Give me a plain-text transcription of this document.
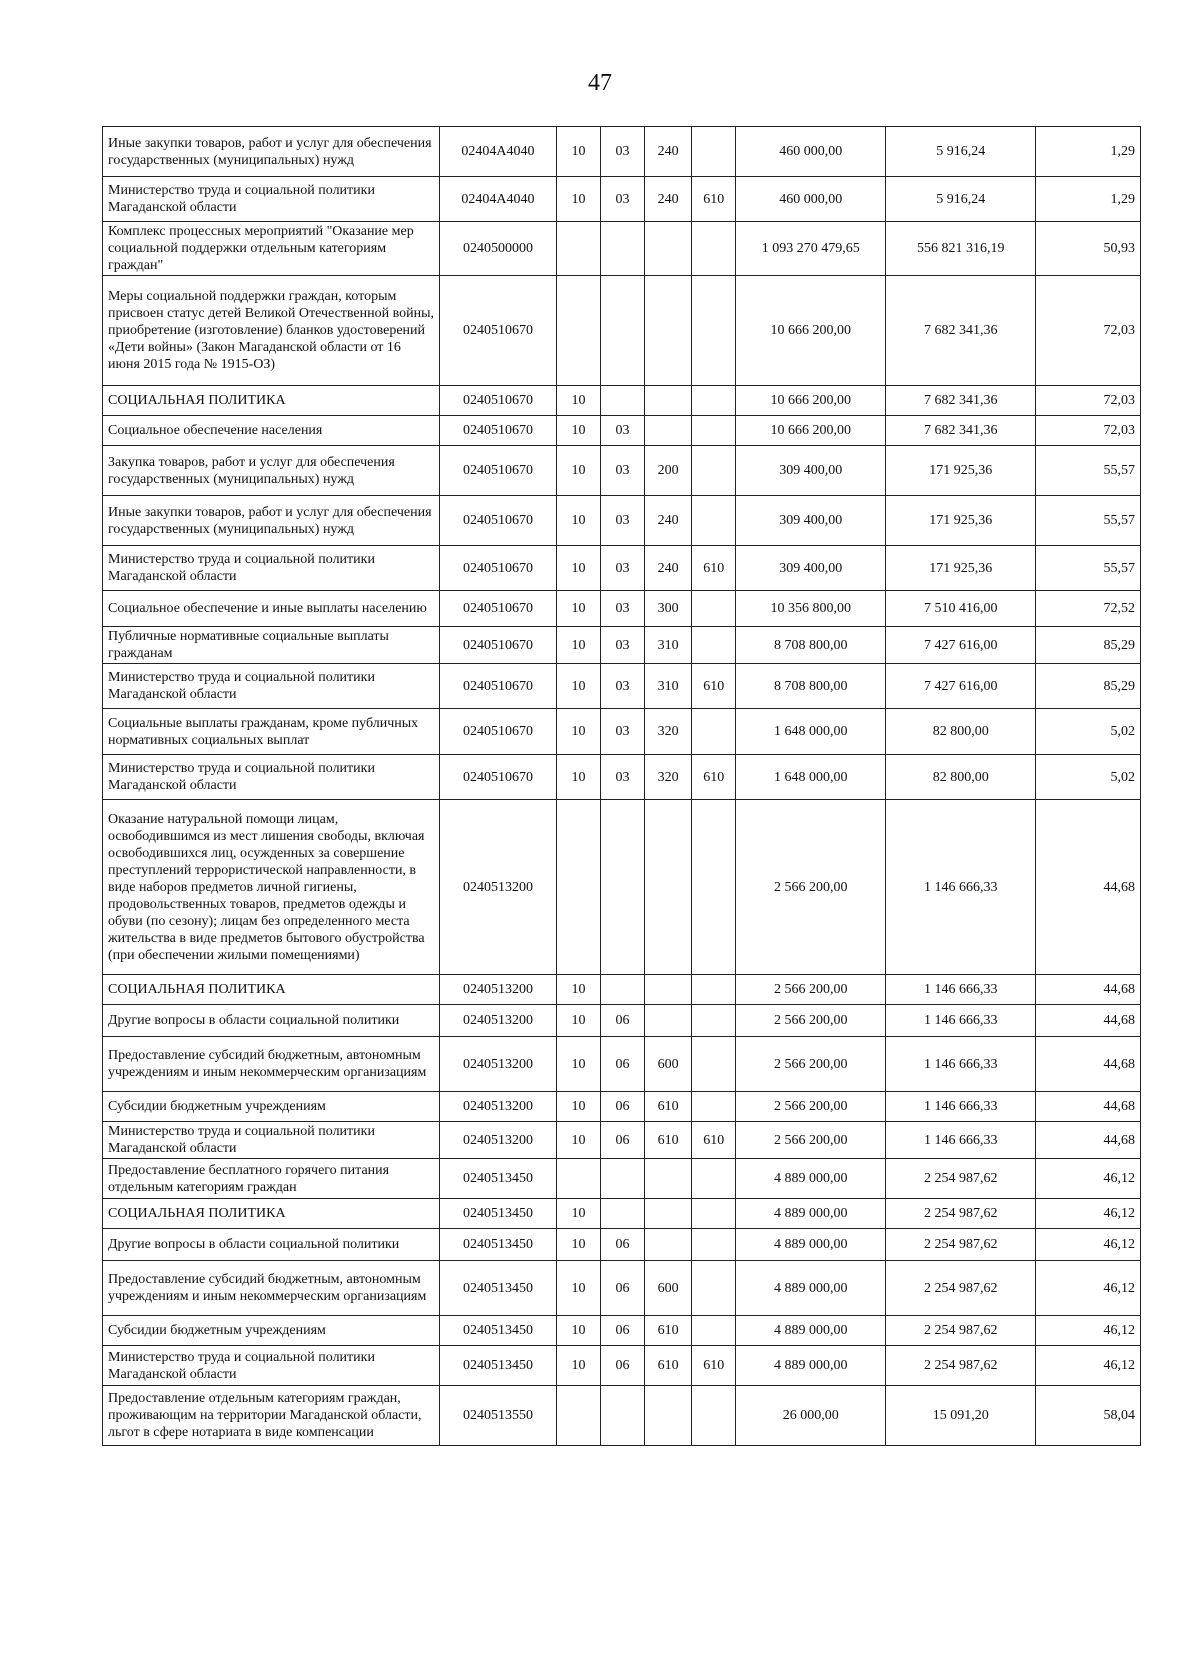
47
Иные закупки товаров, работ и услуг для обеспечения государственных (муниципальных) нужд	02404А4040	10	03	240		460 000,00	5 916,24	1,29
Министерство труда и социальной политики Магаданской области	02404А4040	10	03	240	610	460 000,00	5 916,24	1,29
Комплекс процессных мероприятий "Оказание мер социальной поддержки отдельным категориям граждан"	0240500000					1 093 270 479,65	556 821 316,19	50,93
Меры социальной поддержки граждан, которым присвоен статус детей Великой Отечественной войны, приобретение (изготовление) бланков удостоверений «Дети войны» (Закон Магаданской области от 16 июня 2015 года № 1915-ОЗ)	0240510670					10 666 200,00	7 682 341,36	72,03
СОЦИАЛЬНАЯ ПОЛИТИКА	0240510670	10				10 666 200,00	7 682 341,36	72,03
Социальное обеспечение населения	0240510670	10	03			10 666 200,00	7 682 341,36	72,03
Закупка товаров, работ и услуг для обеспечения государственных (муниципальных) нужд	0240510670	10	03	200		309 400,00	171 925,36	55,57
Иные закупки товаров, работ и услуг для обеспечения государственных (муниципальных) нужд	0240510670	10	03	240		309 400,00	171 925,36	55,57
Министерство труда и социальной политики Магаданской области	0240510670	10	03	240	610	309 400,00	171 925,36	55,57
Социальное обеспечение и иные выплаты населению	0240510670	10	03	300		10 356 800,00	7 510 416,00	72,52
Публичные нормативные социальные выплаты гражданам	0240510670	10	03	310		8 708 800,00	7 427 616,00	85,29
Министерство труда и социальной политики Магаданской области	0240510670	10	03	310	610	8 708 800,00	7 427 616,00	85,29
Социальные выплаты гражданам, кроме публичных нормативных социальных выплат	0240510670	10	03	320		1 648 000,00	82 800,00	5,02
Министерство труда и социальной политики Магаданской области	0240510670	10	03	320	610	1 648 000,00	82 800,00	5,02
Оказание натуральной помощи лицам, освободившимся из мест лишения свободы, включая освободившихся лиц, осужденных за совершение преступлений террористической направленности, в виде наборов предметов личной гигиены, продовольственных товаров, предметов одежды и обуви (по сезону); лицам без определенного места жительства в виде предметов бытового обустройства (при обеспечении жилыми помещениями)	0240513200					2 566 200,00	1 146 666,33	44,68
СОЦИАЛЬНАЯ ПОЛИТИКА	0240513200	10				2 566 200,00	1 146 666,33	44,68
Другие вопросы в области социальной политики	0240513200	10	06			2 566 200,00	1 146 666,33	44,68
Предоставление субсидий бюджетным, автономным учреждениям и иным некоммерческим организациям	0240513200	10	06	600		2 566 200,00	1 146 666,33	44,68
Субсидии бюджетным учреждениям	0240513200	10	06	610		2 566 200,00	1 146 666,33	44,68
Министерство труда и социальной политики Магаданской области	0240513200	10	06	610	610	2 566 200,00	1 146 666,33	44,68
Предоставление бесплатного горячего питания отдельным категориям граждан	0240513450					4 889 000,00	2 254 987,62	46,12
СОЦИАЛЬНАЯ ПОЛИТИКА	0240513450	10				4 889 000,00	2 254 987,62	46,12
Другие вопросы в области социальной политики	0240513450	10	06			4 889 000,00	2 254 987,62	46,12
Предоставление субсидий бюджетным, автономным учреждениям и иным некоммерческим организациям	0240513450	10	06	600		4 889 000,00	2 254 987,62	46,12
Субсидии бюджетным учреждениям	0240513450	10	06	610		4 889 000,00	2 254 987,62	46,12
Министерство труда и социальной политики Магаданской области	0240513450	10	06	610	610	4 889 000,00	2 254 987,62	46,12
Предоставление отдельным категориям граждан, проживающим на территории Магаданской области, льгот в сфере нотариата в виде компенсации	0240513550					26 000,00	15 091,20	58,04
